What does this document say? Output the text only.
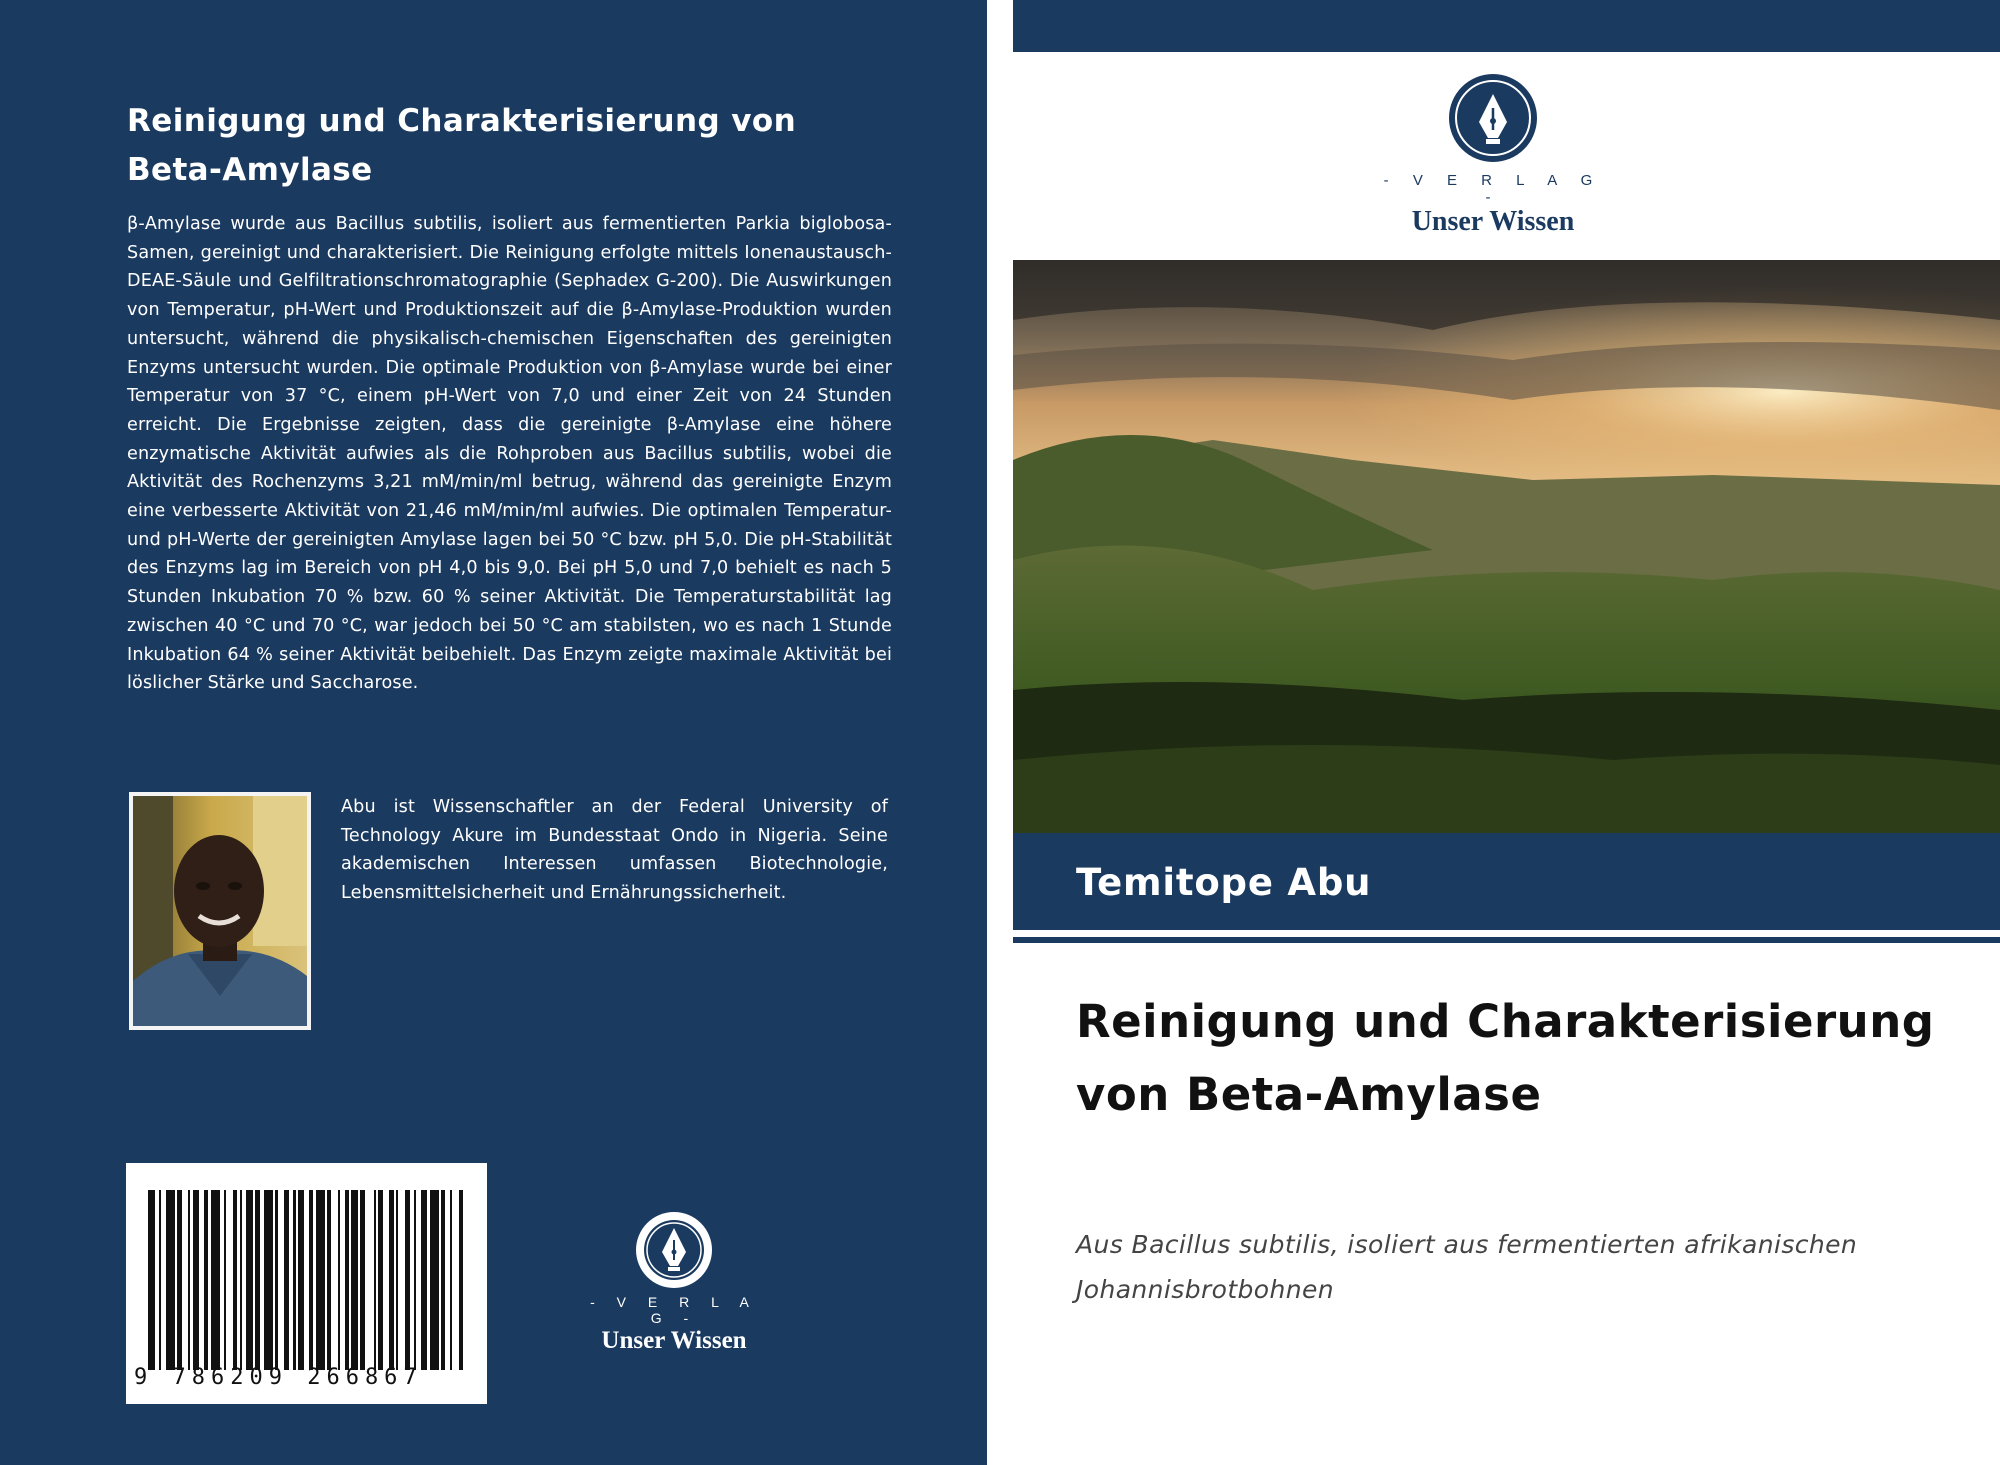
Reinigung und Charakterisierung von Beta-Amylase
β-Amylase wurde aus Bacillus subtilis, isoliert aus fermentierten Parkia biglobosa-Samen, gereinigt und charakterisiert. Die Reinigung erfolgte mittels Ionenaustausch-DEAE-Säule und Gelfiltrationschromatographie (Sephadex G-200). Die Auswirkungen von Temperatur, pH-Wert und Produktionszeit auf die β-Amylase-Produktion wurden untersucht, während die physikalisch-chemischen Eigenschaften des gereinigten Enzyms untersucht wurden. Die optimale Produktion von β-Amylase wurde bei einer Temperatur von 37 °C, einem pH-Wert von 7,0 und einer Zeit von 24 Stunden erreicht. Die Ergebnisse zeigten, dass die gereinigte β-Amylase eine höhere enzymatische Aktivität aufwies als die Rohproben aus Bacillus subtilis, wobei die Aktivität des Rochenzyms 3,21 mM/min/ml betrug, während das gereinigte Enzym eine verbesserte Aktivität von 21,46 mM/min/ml aufwies. Die optimalen Temperatur- und pH-Werte der gereinigten Amylase lagen bei 50 °C bzw. pH 5,0. Die pH-Stabilität des Enzyms lag im Bereich von pH 4,0 bis 9,0. Bei pH 5,0 und 7,0 behielt es nach 5 Stunden Inkubation 70 % bzw. 60 % seiner Aktivität. Die Temperaturstabilität lag zwischen 40 °C und 70 °C, war jedoch bei 50 °C am stabilsten, wo es nach 1 Stunde Inkubation 64 % seiner Aktivität beibehielt. Das Enzym zeigte maximale Aktivität bei löslicher Stärke und Saccharose.
Abu ist Wissenschaftler an der Federal University of Technology Akure im Bundesstaat Ondo in Nigeria. Seine akademischen Interessen umfassen Biotechnologie, Lebensmittelsicherheit und Ernährungssicherheit.
9 786209 266867
- V E R L A G -
Unser Wissen
- V E R L A G -
Unser Wissen
Temitope Abu
Reinigung und Charakterisierung von Beta-Amylase
Aus Bacillus subtilis, isoliert aus fermentierten afrikanischen Johannisbrotbohnen
